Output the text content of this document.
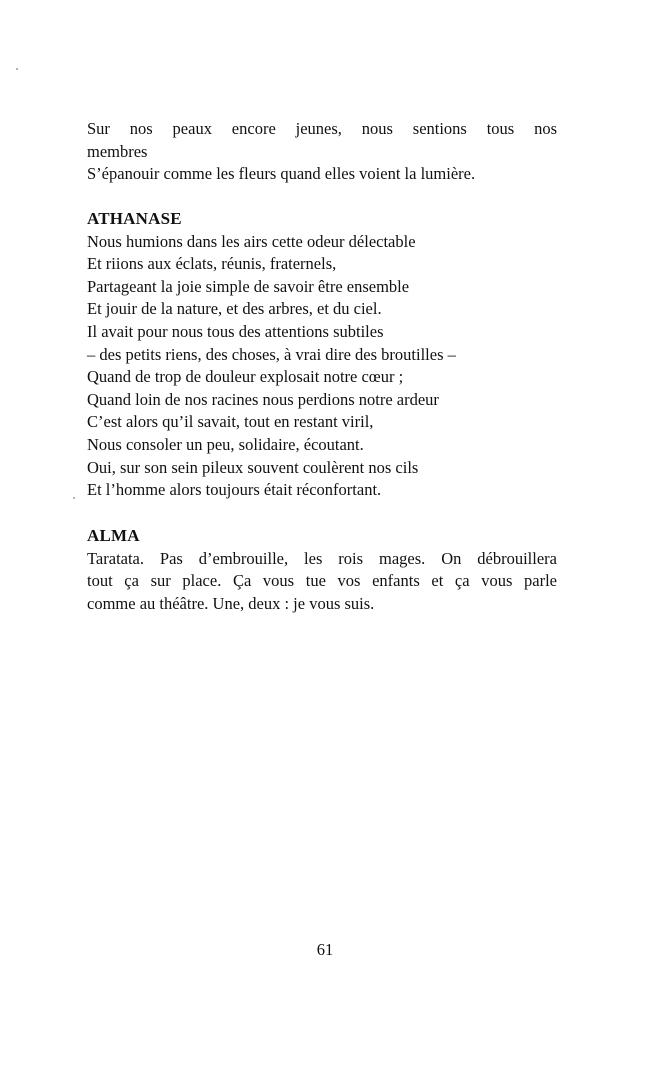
Sur nos peaux encore jeunes, nous sentions tous nos
membres
S’épanouir comme les fleurs quand elles voient la lumière.
ATHANASE
Nous humions dans les airs cette odeur délectable
Et riions aux éclats, réunis, fraternels,
Partageant la joie simple de savoir être ensemble
Et jouir de la nature, et des arbres, et du ciel.
Il avait pour nous tous des attentions subtiles
– des petits riens, des choses, à vrai dire des broutilles –
Quand de trop de douleur explosait notre cœur ;
Quand loin de nos racines nous perdions notre ardeur
C’est alors qu’il savait, tout en restant viril,
Nous consoler un peu, solidaire, écoutant.
Oui, sur son sein pileux souvent coulèrent nos cils
Et l’homme alors toujours était réconfortant.
ALMA
Taratata. Pas d’embrouille, les rois mages. On débrouillera
tout ça sur place. Ça vous tue vos enfants et ça vous parle
comme au théâtre. Une, deux : je vous suis.
61
